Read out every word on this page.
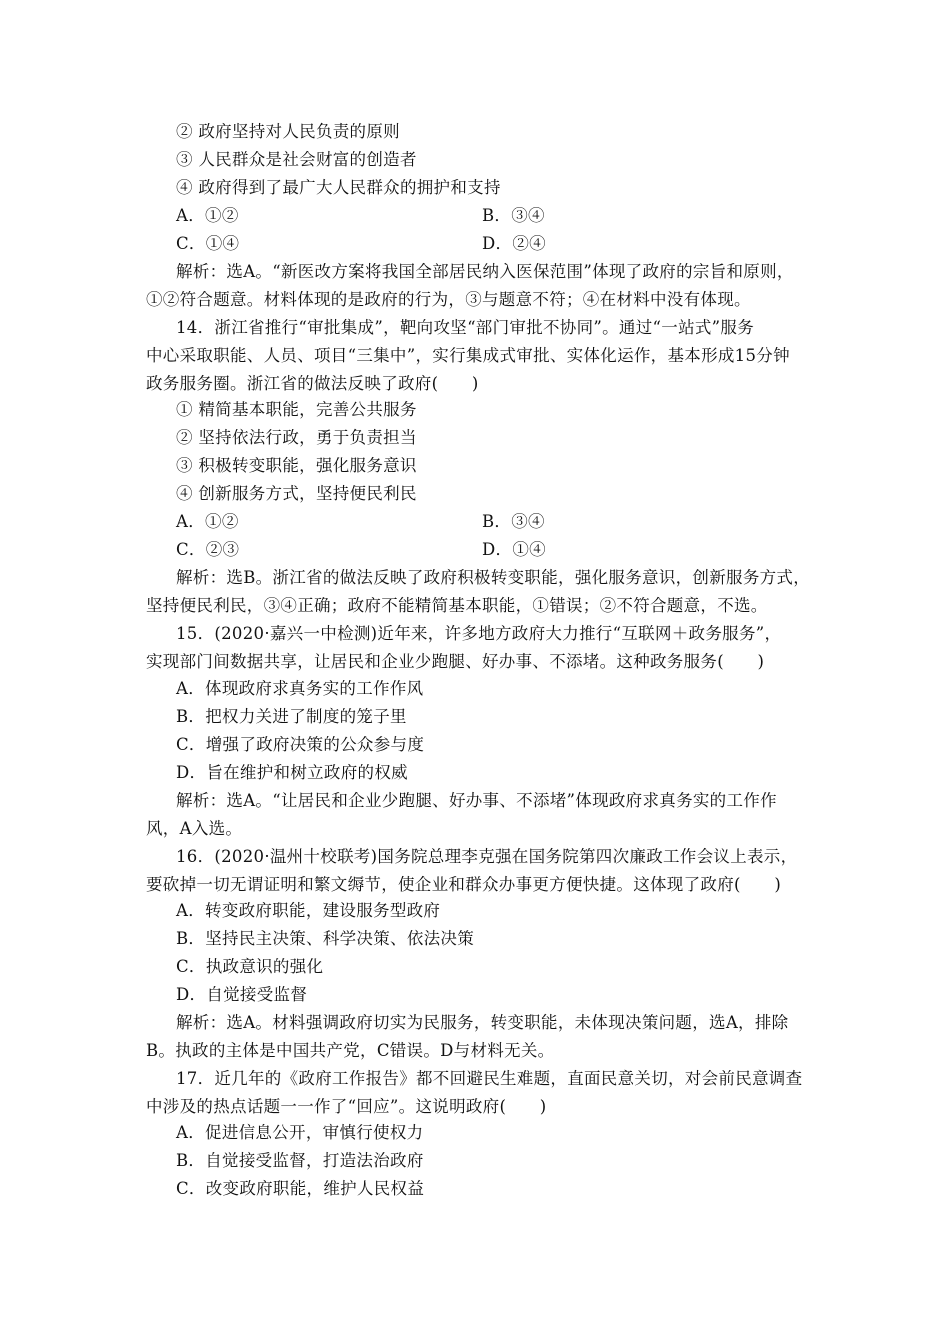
② 政府坚持对人民负责的原则
③ 人民群众是社会财富的创造者
④ 政府得到了最广大人民群众的拥护和支持
A．①②	B．③④
C．①④	D．②④
解析：选A。“新医改方案将我国全部居民纳入医保范围”体现了政府的宗旨和原则，
①②符合题意。材料体现的是政府的行为，③与题意不符；④在材料中没有体现。
14．浙江省推行“审批集成”，靶向攻坚“部门审批不协同”。通过“一站式”服务
中心采取职能、人员、项目“三集中”，实行集成式审批、实体化运作，基本形成15分钟
政务服务圈。浙江省的做法反映了政府(　　)
① 精简基本职能，完善公共服务
② 坚持依法行政，勇于负责担当
③ 积极转变职能，强化服务意识
④ 创新服务方式，坚持便民利民
A．①②	B．③④
C．②③	D．①④
解析：选B。浙江省的做法反映了政府积极转变职能，强化服务意识，创新服务方式，
坚持便民利民，③④正确；政府不能精简基本职能，①错误；②不符合题意，不选。
15．(2020·嘉兴一中检测)近年来，许多地方政府大力推行“互联网＋政务服务”，
实现部门间数据共享，让居民和企业少跑腿、好办事、不添堵。这种政务服务(　　)
A．体现政府求真务实的工作作风
B．把权力关进了制度的笼子里
C．增强了政府决策的公众参与度
D．旨在维护和树立政府的权威
解析：选A。“让居民和企业少跑腿、好办事、不添堵”体现政府求真务实的工作作
风，A入选。
16．(2020·温州十校联考)国务院总理李克强在国务院第四次廉政工作会议上表示，
要砍掉一切无谓证明和繁文缛节，使企业和群众办事更方便快捷。这体现了政府(　　)
A．转变政府职能，建设服务型政府
B．坚持民主决策、科学决策、依法决策
C．执政意识的强化
D．自觉接受监督
解析：选A。材料强调政府切实为民服务，转变职能，未体现决策问题，选A，排除
B。执政的主体是中国共产党，C错误。D与材料无关。
17．近几年的《政府工作报告》都不回避民生难题，直面民意关切，对会前民意调查
中涉及的热点话题一一作了“回应”。这说明政府(　　)
A．促进信息公开，审慎行使权力
B．自觉接受监督，打造法治政府
C．改变政府职能，维护人民权益
